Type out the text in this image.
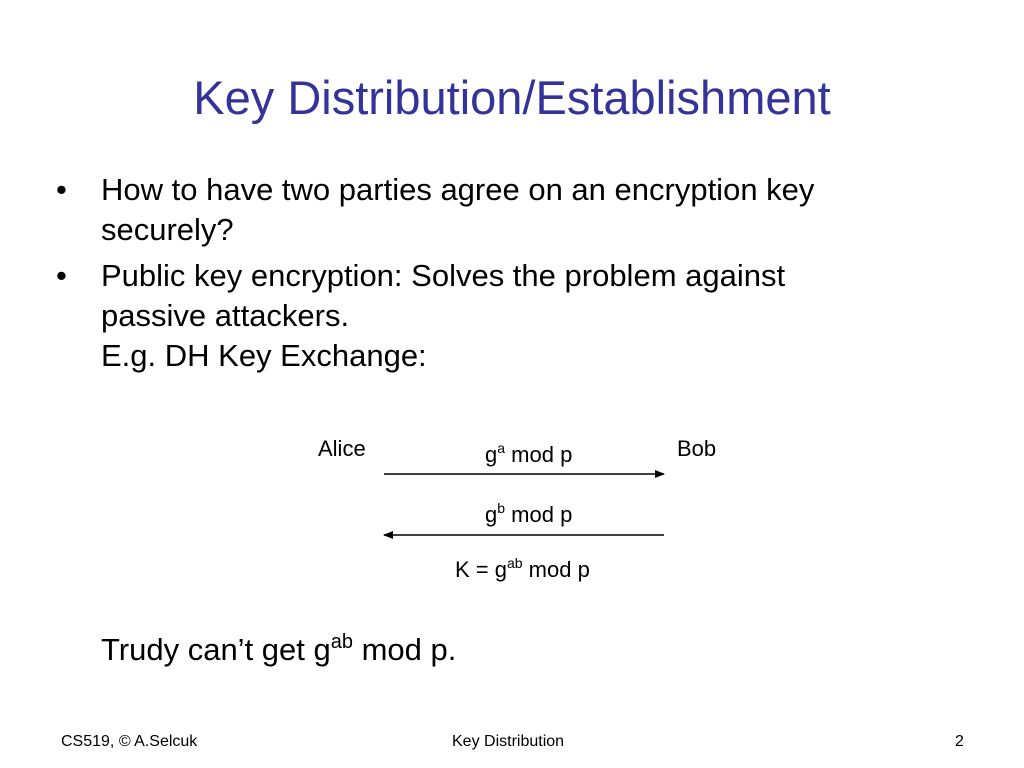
Key Distribution/Establishment
• How to have two parties agree on an encryption key
securely?
• Public key encryption: Solves the problem against
passive attackers.
E.g. DH Key Exchange:
Alice	Bob
$g^a$ mod p
$g^b$ mod p
$K = g^{ab}$ mod p
Trudy can’t get $g^{ab}$ mod p.
CS519, © A.Selcuk	Key Distribution	2
